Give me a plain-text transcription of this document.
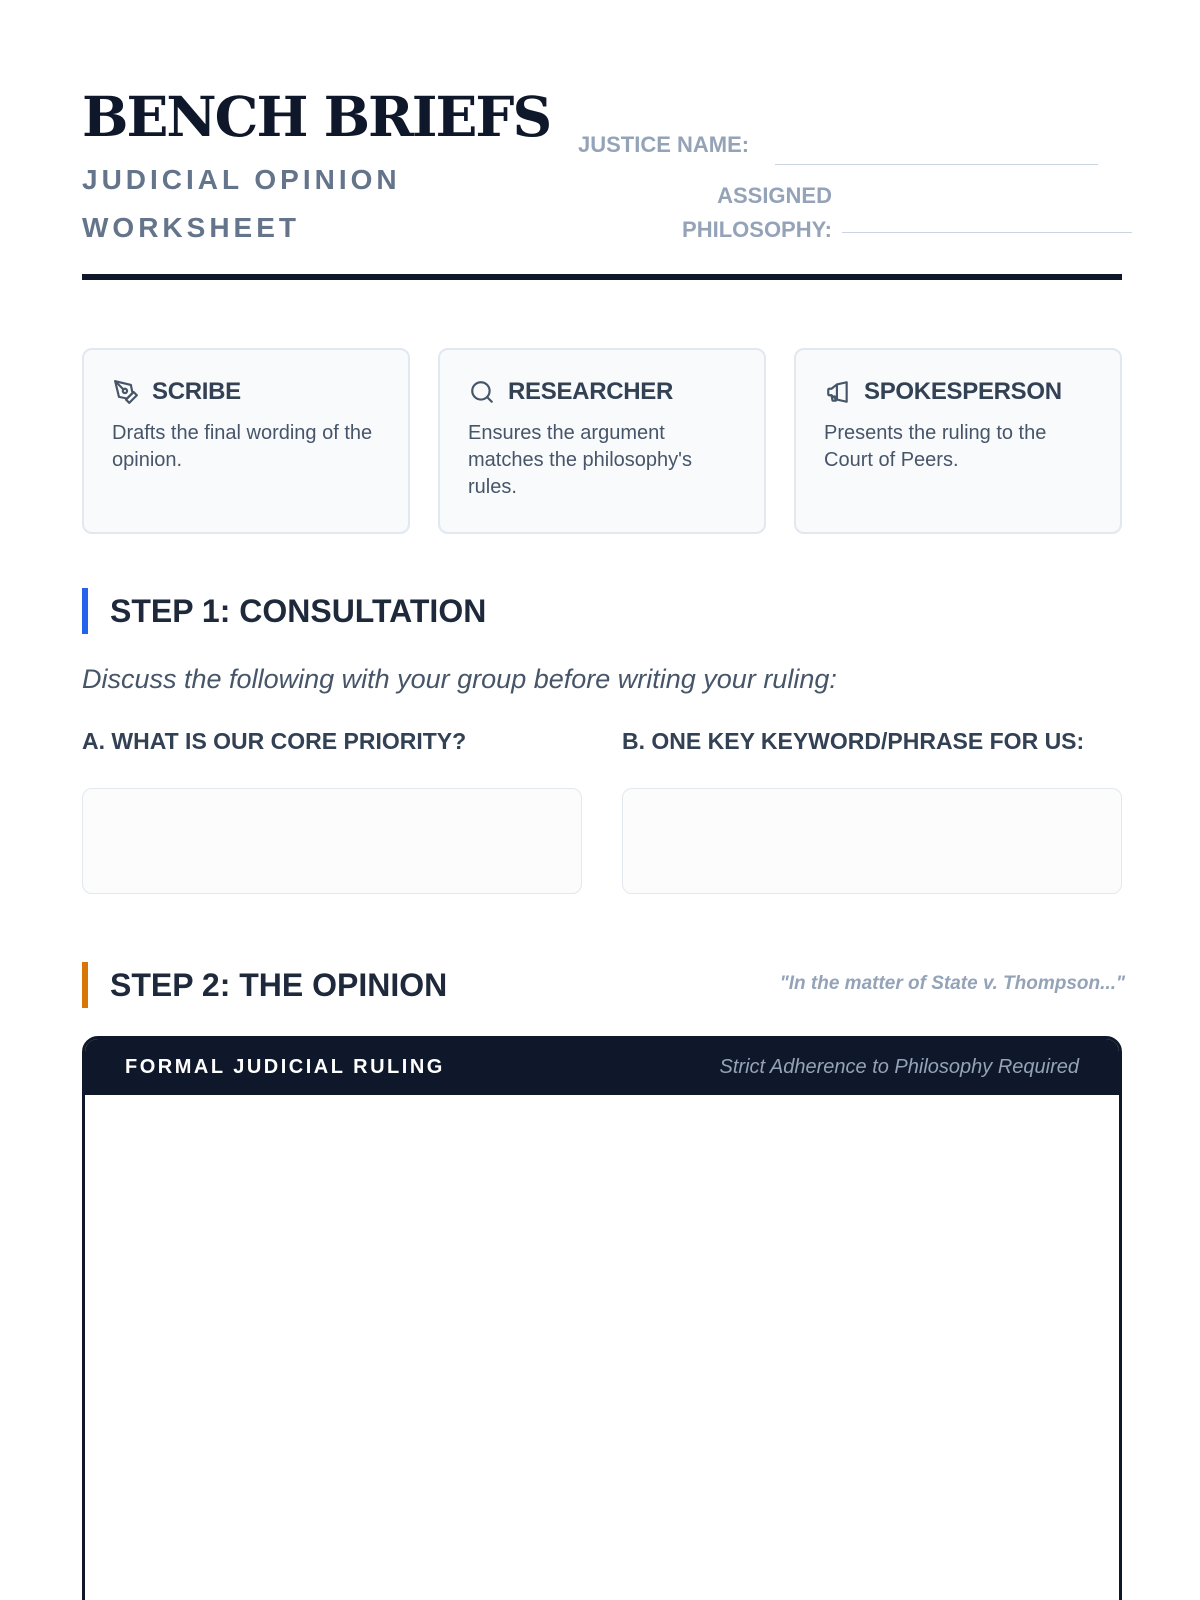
BENCH BRIEFS
JUDICIAL OPINION WORKSHEET
JUSTICE NAME:
ASSIGNED PHILOSOPHY:
SCRIBE
Drafts the final wording of the opinion.
RESEARCHER
Ensures the argument matches the philosophy's rules.
SPOKESPERSON
Presents the ruling to the Court of Peers.
STEP 1: CONSULTATION
Discuss the following with your group before writing your ruling:
A. WHAT IS OUR CORE PRIORITY?	B. ONE KEY KEYWORD/PHRASE FOR US:
STEP 2: THE OPINION	"In the matter of State v. Thompson..."
FORMAL JUDICIAL RULING	Strict Adherence to Philosophy Required
